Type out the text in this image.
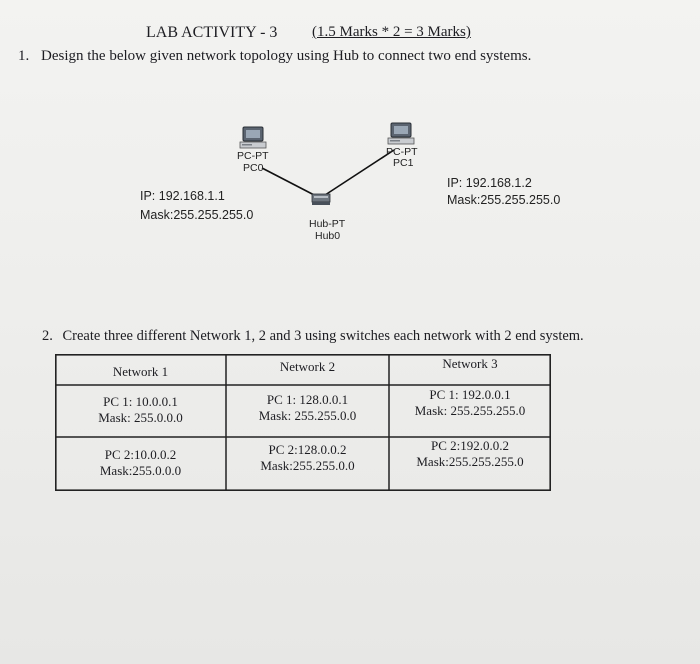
LAB ACTIVITY - 3 (1.5 Marks * 2 = 3 Marks)
1. Design the below given network topology using Hub to connect two end systems.
PC-PT
PC0
PC-PT
PC1
Hub-PT
Hub0
IP: 192.168.1.1
Mask:255.255.255.0
IP: 192.168.1.2
Mask:255.255.255.0
2. Create three different Network 1, 2 and 3 using switches each network with 2 end system.
Network 1	Network 2	Network 3
PC 1: 10.0.0.1
Mask: 255.0.0.0
PC 1: 128.0.0.1
Mask: 255.255.0.0
PC 1: 192.0.0.1
Mask: 255.255.255.0
PC 2:10.0.0.2
Mask:255.0.0.0
PC 2:128.0.0.2
Mask:255.255.0.0
PC 2:192.0.0.2
Mask:255.255.255.0
